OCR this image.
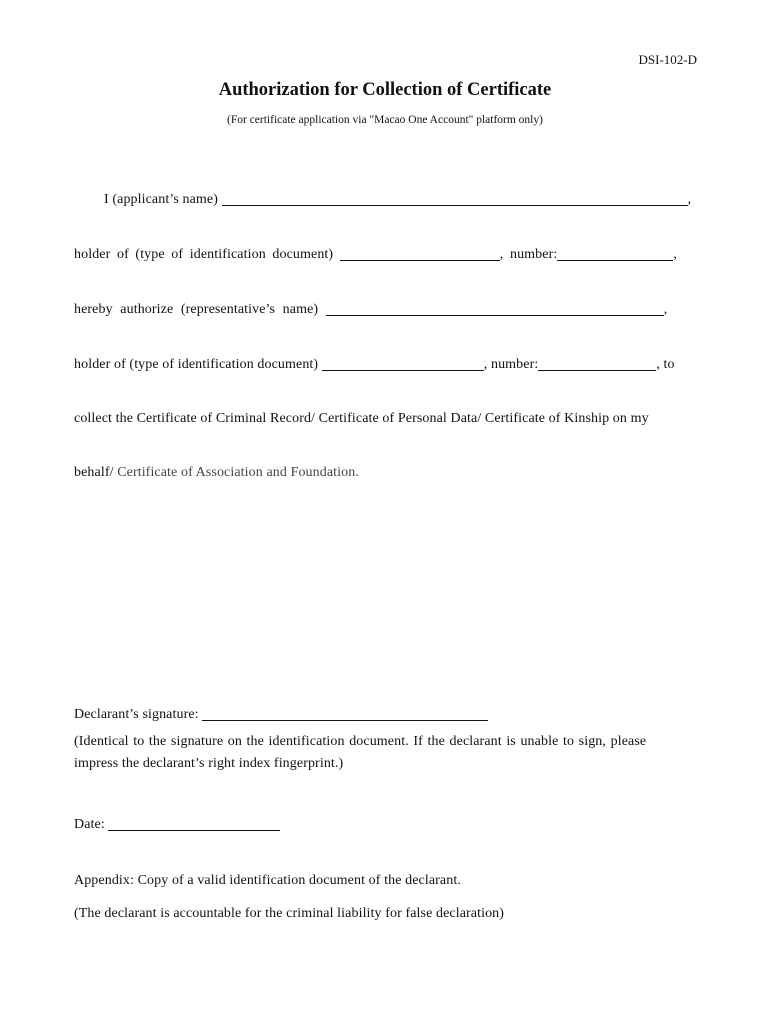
DSI-102-D
Authorization for Collection of Certificate
(For certificate application via "Macao One Account" platform only)
I (applicant’s name)	,
holder of (type of identification document)	, number:	,
hereby authorize (representative’s name)	,
holder of (type of identification document)	, number:	, to
collect the Certificate of Criminal Record/ Certificate of Personal Data/ Certificate of Kinship on my
behalf/ Certificate of Association and Foundation.
Declarant’s signature:
(Identical to the signature on the identification document. If the declarant is unable to sign, please
impress the declarant’s right index fingerprint.)
Date:
Appendix: Copy of a valid identification document of the declarant.
(The declarant is accountable for the criminal liability for false declaration)
